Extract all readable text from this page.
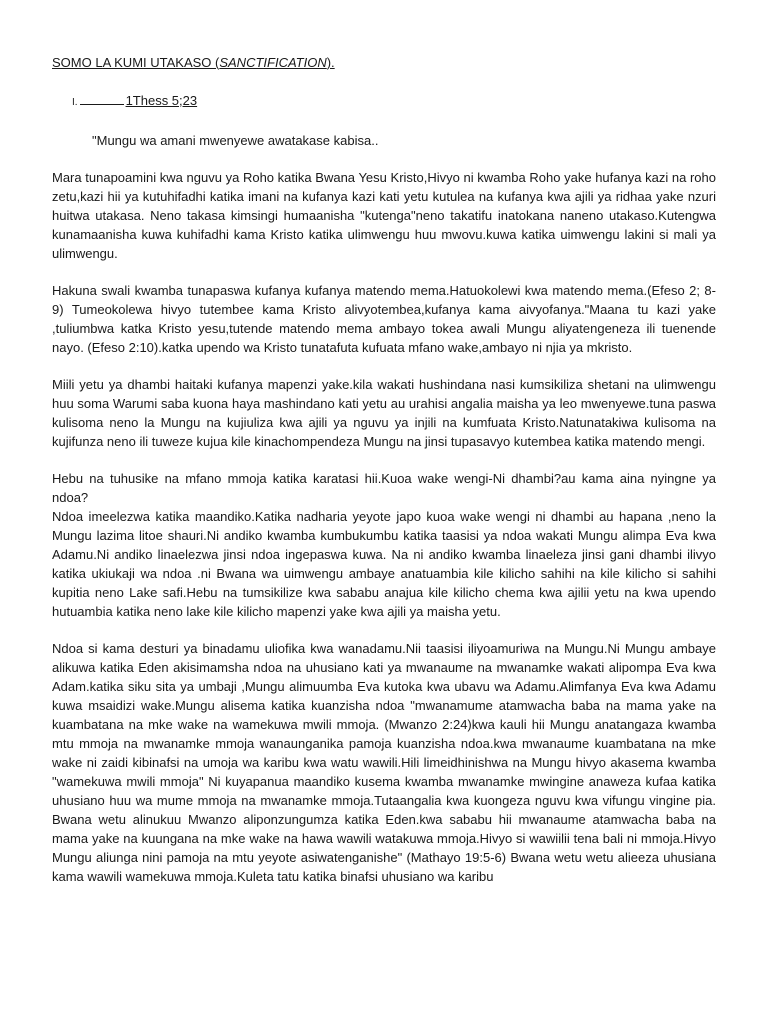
SOMO LA KUMI UTAKASO (SANCTIFICATION).
I.	1Thess 5;23
"Mungu wa amani mwenyewe awatakase kabisa..

Mara tunapoamini kwa nguvu ya Roho katika Bwana Yesu Kristo,Hivyo ni kwamba Roho yake hufanya kazi na roho zetu,kazi hii ya kutuhifadhi katika imani na kufanya kazi kati yetu kutulea na kufanya kwa ajili ya ridhaa yake nzuri huitwa utakasa. Neno takasa kimsingi humaanisha "kutenga"neno takatifu inatokana naneno utakaso.Kutengwa kunamaanisha kuwa kuhifadhi kama Kristo katika ulimwengu huu mwovu.kuwa katika uimwengu lakini si mali ya ulimwengu.

Hakuna swali kwamba tunapaswa kufanya kufanya matendo mema.Hatuokolewi kwa matendo mema.(Efeso 2; 8-9) Tumeokolewa hivyo tutembee kama Kristo alivyotembea,kufanya kama aivyofanya."Maana tu kazi yake ,tuliumbwa katka Kristo yesu,tutende matendo mema ambayo tokea awali Mungu aliyatengeneza ili tuenende nayo. (Efeso 2:10).katka upendo wa Kristo tunatafuta kufuata mfano wake,ambayo ni njia ya mkristo.

Miili yetu ya dhambi haitaki kufanya mapenzi yake.kila wakati hushindana nasi kumsikiliza shetani na ulimwengu huu soma Warumi saba kuona haya mashindano kati yetu au urahisi angalia maisha ya leo mwenyewe.tuna paswa kulisoma neno la Mungu na kujiuliza kwa ajili ya nguvu ya injili na kumfuata Kristo.Natunatakiwa kulisoma na kujifunza neno ili tuweze kujua kile kinachompendeza Mungu na jinsi tupasavyo kutembea katika matendo mengi.

Hebu na tuhusike na mfano mmoja katika karatasi hii.Kuoa wake wengi-Ni dhambi?au kama aina nyingne ya ndoa?

Ndoa imeelezwa katika maandiko.Katika nadharia yeyote japo kuoa wake wengi ni dhambi au hapana ,neno la Mungu lazima litoe shauri.Ni andiko kwamba kumbukumbu katika taasisi ya ndoa wakati Mungu alimpa Eva kwa Adamu.Ni andiko linaelezwa jinsi ndoa ingepaswa kuwa. Na ni andiko kwamba linaeleza jinsi gani dhambi ilivyo katika ukiukaji wa ndoa .ni Bwana wa uimwengu ambaye anatuambia kile kilicho sahihi na kile kilicho si sahihi kupitia neno Lake safi.Hebu na tumsikilize kwa sababu anajua kile kilicho chema kwa ajilii yetu na kwa upendo hutuambia katika neno lake kile kilicho mapenzi yake kwa ajili ya maisha yetu.

Ndoa si kama desturi ya binadamu uliofika kwa wanadamu.Nii taasisi iliyoamuriwa na Mungu.Ni Mungu ambaye alikuwa katika Eden akisimamsha ndoa na uhusiano kati ya mwanaume na mwanamke wakati alipompa Eva kwa Adam.katika siku sita ya umbaji ,Mungu alimuumba Eva kutoka kwa ubavu wa Adamu.Alimfanya Eva kwa Adamu kuwa msaidizi wake.Mungu alisema katika kuanzisha ndoa "mwanamume atamwacha baba na mama yake na kuambatana na mke wake na wamekuwa mwili mmoja. (Mwanzo 2:24)kwa kauli hii Mungu anatangaza kwamba mtu mmoja na mwanamke mmoja wanaunganika pamoja kuanzisha ndoa.kwa mwanaume kuambatana na mke wake ni zaidi kibinafsi na umoja wa karibu kwa watu wawili.Hili limeidhinishwa na Mungu hivyo akasema kwamba "wamekuwa mwili mmoja" Ni kuyapanua maandiko kusema kwamba mwanamke mwingine anaweza kufaa katika uhusiano huu wa mume mmoja na mwanamke mmoja.Tutaangalia kwa kuongeza nguvu kwa vifungu vingine pia. Bwana wetu alinukuu Mwanzo aliponzungumza katika Eden.kwa sababu hii mwanaume atamwacha baba na mama yake na kuungana na mke wake na hawa wawili watakuwa mmoja.Hivyo si wawiilii tena bali ni mmoja.Hivyo Mungu aliunga nini pamoja na mtu yeyote asiwatenganishe" (Mathayo 19:5-6) Bwana wetu wetu alieeza uhusiana kama wawili wamekuwa mmoja.Kuleta tatu katika binafsi uhusiano wa karibu
